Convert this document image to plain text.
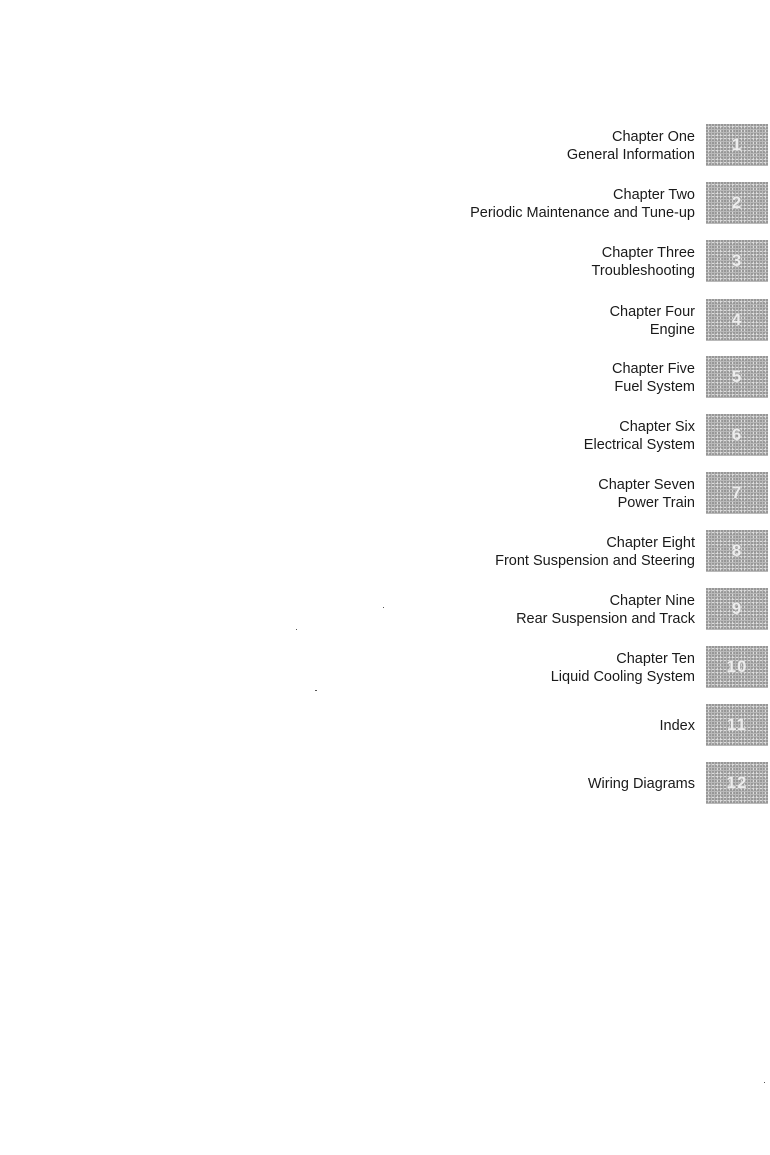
Chapter One
General Information
1
Chapter Two
Periodic Maintenance and Tune-up
2
Chapter Three
Troubleshooting
3
Chapter Four
Engine
4
Chapter Five
Fuel System
5
Chapter Six
Electrical System
6
Chapter Seven
Power Train
7
Chapter Eight
Front Suspension and Steering
8
Chapter Nine
Rear Suspension and Track
9
Chapter Ten
Liquid Cooling System
10
Index 11
Wiring Diagrams 12
